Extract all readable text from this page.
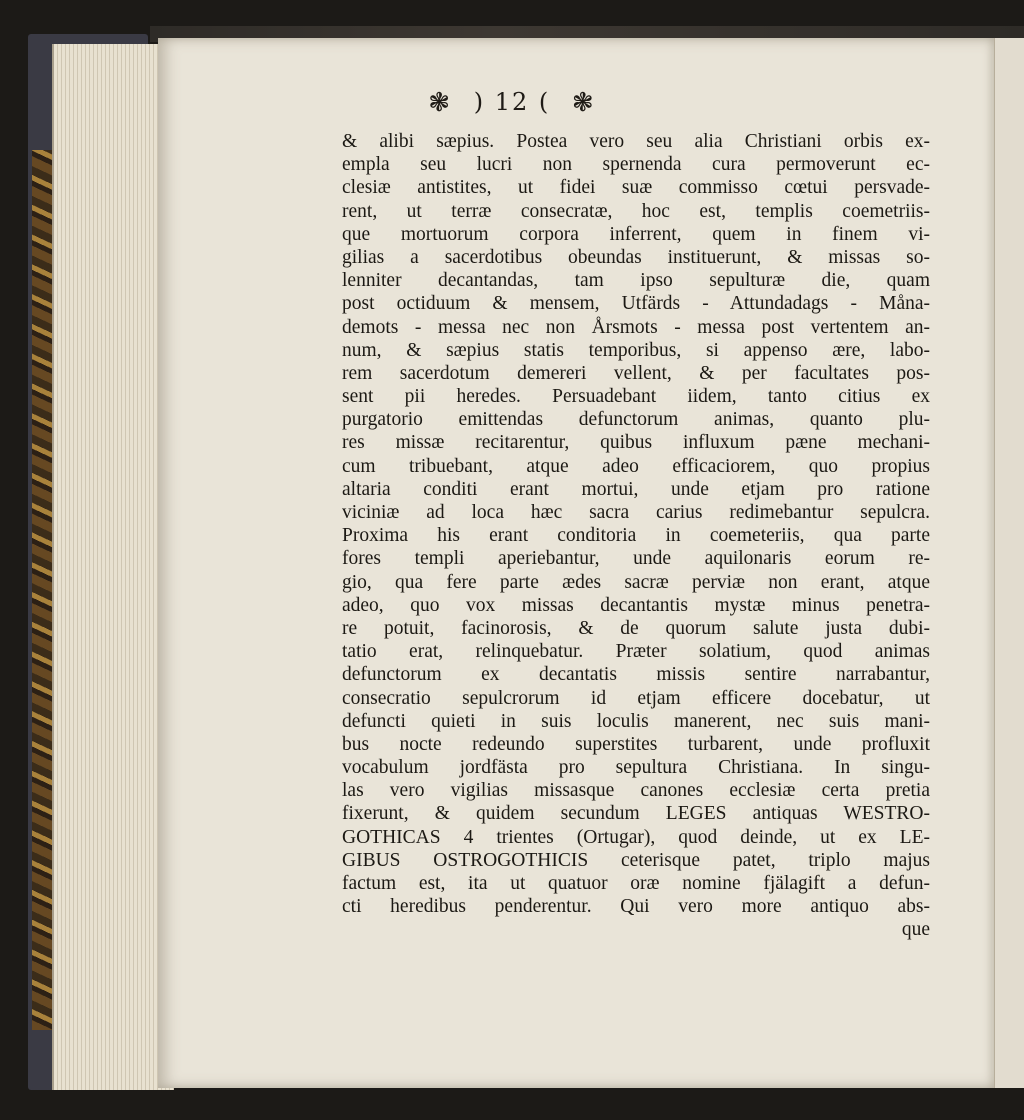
❃ ) 12 ( ❃
& alibi sæpius. Postea vero seu alia Christiani orbis ex-
empla seu lucri non spernenda cura permoverunt ec-
clesiæ antistites, ut fidei suæ commisso cœtui persvade-
rent, ut terræ consecratæ, hoc est, templis coemetriis-
que mortuorum corpora inferrent, quem in finem vi-
gilias a sacerdotibus obeundas instituerunt, & missas so-
lenniter decantandas, tam ipso sepulturæ die, quam
post octiduum & mensem, Utfärds - Attundadags - Måna-
demots - messa nec non Årsmots - messa post vertentem an-
num, & sæpius statis temporibus, si appenso ære, labo-
rem sacerdotum demereri vellent, & per facultates pos-
sent pii heredes. Persuadebant iidem, tanto citius ex
purgatorio emittendas defunctorum animas, quanto plu-
res missæ recitarentur, quibus influxum pæne mechani-
cum tribuebant, atque adeo efficaciorem, quo propius
altaria conditi erant mortui, unde etjam pro ratione
viciniæ ad loca hæc sacra carius redimebantur sepulcra.
Proxima his erant conditoria in coemeteriis, qua parte
fores templi aperiebantur, unde aquilonaris eorum re-
gio, qua fere parte ædes sacræ perviæ non erant, atque
adeo, quo vox missas decantantis mystæ minus penetra-
re potuit, facinorosis, & de quorum salute justa dubi-
tatio erat, relinquebatur. Præter solatium, quod animas
defunctorum ex decantatis missis sentire narrabantur,
consecratio sepulcrorum id etjam efficere docebatur, ut
defuncti quieti in suis loculis manerent, nec suis mani-
bus nocte redeundo superstites turbarent, unde profluxit
vocabulum jordfästa pro sepultura Christiana. In singu-
las vero vigilias missasque canones ecclesiæ certa pretia
fixerunt, & quidem secundum LEGES antiquas WESTRO-
GOTHICAS 4 trientes (Ortugar), quod deinde, ut ex LE-
GIBUS OSTROGOTHICIS ceterisque patet, triplo majus
factum est, ita ut quatuor oræ nomine fjälagift a defun-
cti heredibus penderentur. Qui vero more antiquo abs-
que
